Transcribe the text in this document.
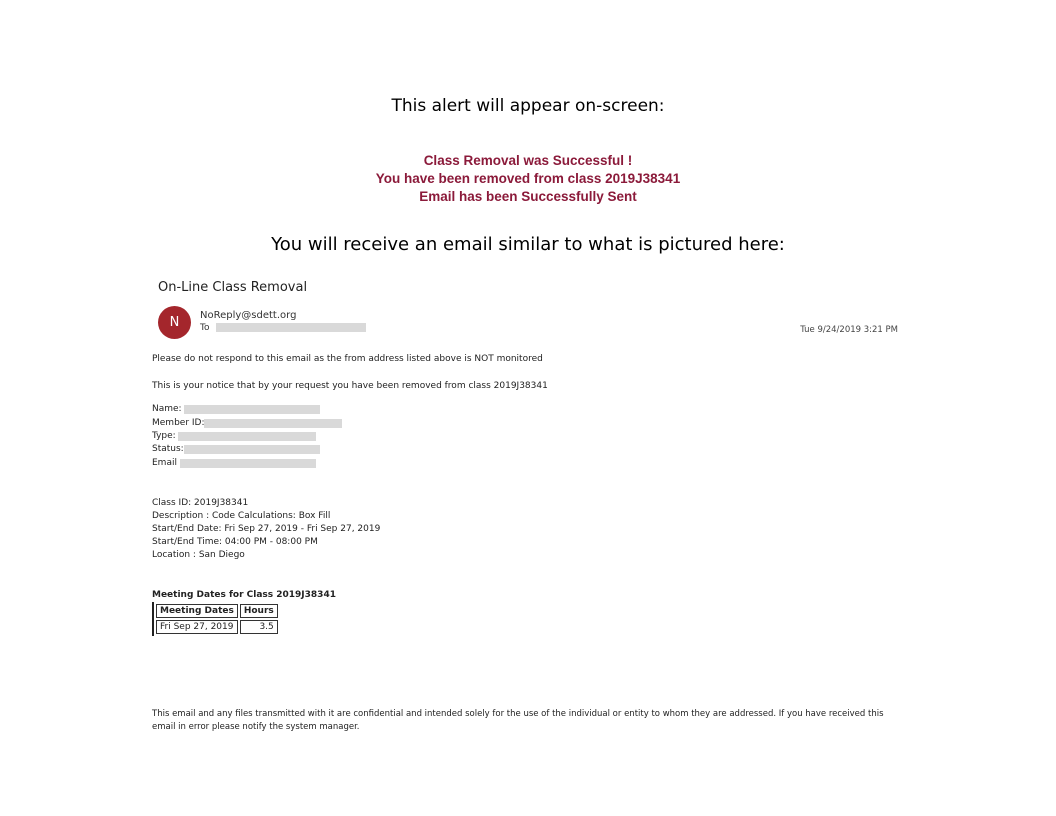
This alert will appear on-screen:
Class Removal was Successful !
You have been removed from class 2019J38341
Email has been Successfully Sent
You will receive an email similar to what is pictured here:
On-Line Class Removal
N	NoReply@sdett.org
To	Tue 9/24/2019 3:21 PM
Please do not respond to this email as the from address listed above is NOT monitored
This is your notice that by your request you have been removed from class 2019J38341
Name:
Member ID:
Type:
Status:
Email
Class ID: 2019J38341
Description : Code Calculations: Box Fill
Start/End Date: Fri Sep 27, 2019 - Fri Sep 27, 2019
Start/End Time: 04:00 PM - 08:00 PM
Location : San Diego
Meeting Dates for Class 2019J38341
Meeting Dates	Hours
Fri Sep 27, 2019	3.5
This email and any files transmitted with it are confidential and intended solely for the use of the individual or entity to whom they are addressed. If you have received this email in error please notify the system manager.
